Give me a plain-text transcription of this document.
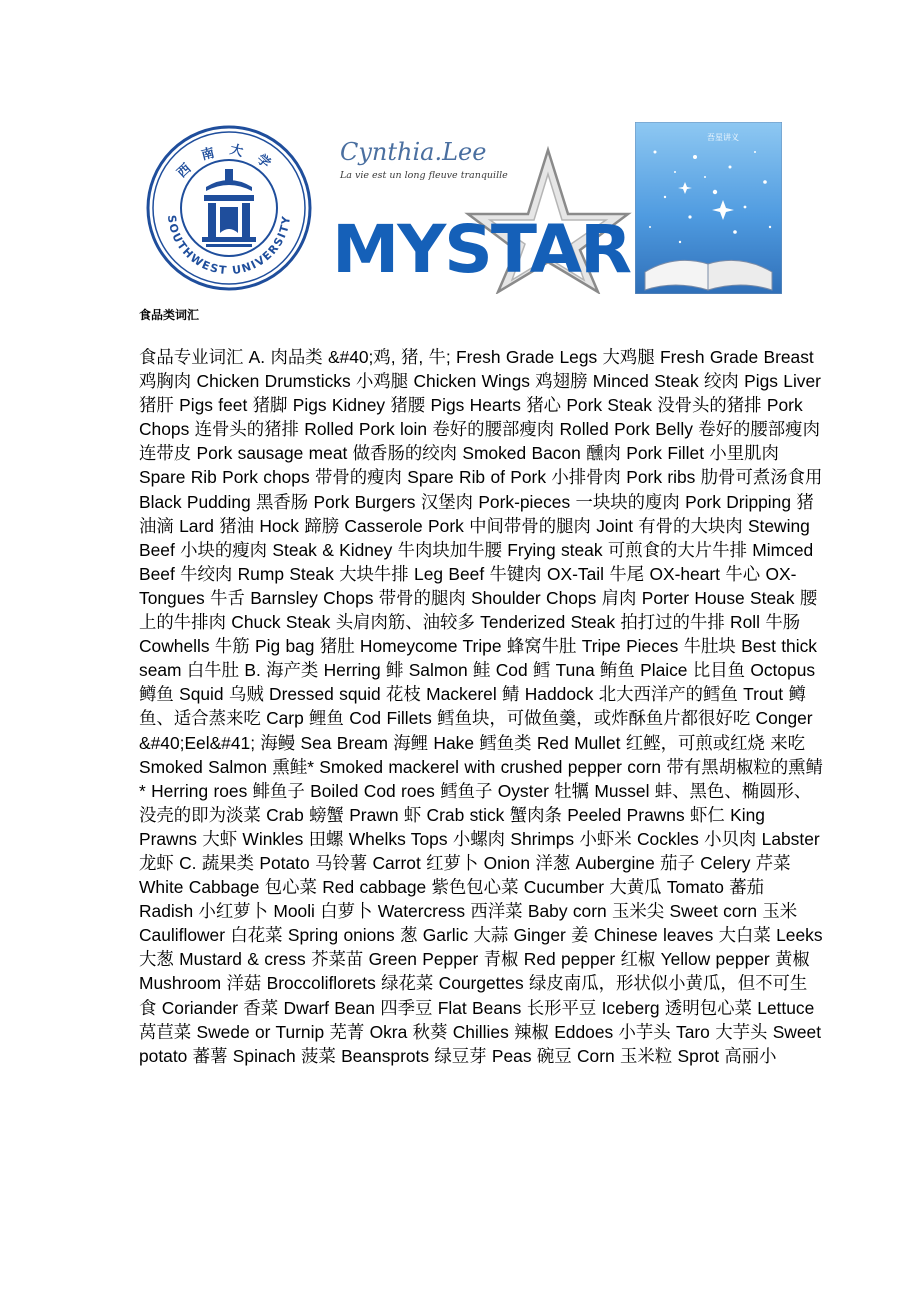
SOUTHWEST UNIVERSITY
西南大学 Cynthia.Lee
La vie est un long fleuve tranquille
MYSTAR
吾星讲义
食品类词汇

食品专业词汇 A. 肉品类 &#40;鸡, 猪, 牛; Fresh Grade Legs 大鸡腿 Fresh Grade Breast 鸡胸肉 Chicken Drumsticks 小鸡腿 Chicken Wings 鸡翅膀 Minced Steak 绞肉 Pigs Liver 猪肝 Pigs feet 猪脚 Pigs Kidney 猪腰 Pigs Hearts 猪心 Pork Steak 没骨头的猪排 Pork Chops 连骨头的猪排 Rolled Pork loin 卷好的腰部瘦肉 Rolled Pork Belly 卷好的腰部瘦肉连带皮 Pork sausage meat 做香肠的绞肉 Smoked Bacon 醺肉 Pork Fillet 小里肌肉 Spare Rib Pork chops 带骨的瘦肉 Spare Rib of Pork 小排骨肉 Pork ribs 肋骨可煮汤食用 Black Pudding 黑香肠 Pork Burgers 汉堡肉 Pork-pieces 一块块的廋肉 Pork Dripping 猪油滴 Lard 猪油 Hock 蹄膀 Casserole Pork 中间带骨的腿肉 Joint 有骨的大块肉 Stewing Beef 小块的瘦肉 Steak & Kidney 牛肉块加牛腰 Frying steak 可煎食的大片牛排 Mimced Beef 牛绞肉 Rump Steak 大块牛排 Leg Beef 牛键肉 OX-Tail 牛尾 OX-heart 牛心 OX-Tongues 牛舌 Barnsley Chops 带骨的腿肉 Shoulder Chops 肩肉 Porter House Steak 腰上的牛排肉 Chuck Steak 头肩肉筋、油较多 Tenderized Steak 拍打过的牛排 Roll 牛肠 Cowhells 牛筋 Pig bag 猪肚 Homeycome Tripe 蜂窝牛肚 Tripe Pieces 牛肚块 Best thick seam 白牛肚 B. 海产类 Herring 鲱 Salmon 鲑 Cod 鳕 Tuna 鲔鱼 Plaice 比目鱼 Octopus 鳟鱼 Squid 乌贼 Dressed squid 花枝 Mackerel 鲭 Haddock 北大西洋产的鳕鱼 Trout 鳟鱼、适合蒸来吃 Carp 鲤鱼 Cod Fillets 鳕鱼块，可做鱼羹，或炸酥鱼片都很好吃 Conger &#40;Eel&#41; 海鳗 Sea Bream 海鲤 Hake 鳕鱼类 Red Mullet 红鲣，可煎或红烧 来吃 Smoked Salmon 熏鲑* Smoked mackerel with crushed pepper corn 带有黑胡椒粒的熏鲭* Herring roes 鲱鱼子 Boiled Cod roes 鳕鱼子 Oyster 牡犡 Mussel 蚌、黑色、椭圆形、没壳的即为淡菜 Crab 螃蟹 Prawn 虾 Crab stick 蟹肉条 Peeled Prawns 虾仁 King Prawns 大虾 Winkles 田螺 Whelks Tops 小螺肉 Shrimps 小虾米 Cockles 小贝肉 Labster 龙虾 C. 蔬果类 Potato 马铃薯 Carrot 红萝卜 Onion 洋葱 Aubergine 茄子 Celery 芹菜 White Cabbage 包心菜 Red cabbage 紫色包心菜 Cucumber 大黄瓜 Tomato 蕃茄 Radish 小红萝卜 Mooli 白萝卜 Watercress 西洋菜 Baby corn 玉米尖 Sweet corn 玉米 Cauliflower 白花菜 Spring onions 葱 Garlic 大蒜 Ginger 姜 Chinese leaves 大白菜 Leeks 大葱 Mustard & cress 芥菜苗 Green Pepper 青椒 Red pepper 红椒 Yellow pepper 黄椒 Mushroom 洋菇 Broccoliflorets 绿花菜 Courgettes 绿皮南瓜，形状似小黄瓜，但不可生食 Coriander 香菜 Dwarf Bean 四季豆 Flat Beans 长形平豆 Iceberg 透明包心菜 Lettuce 莴苣菜 Swede or Turnip 芜菁 Okra 秋葵 Chillies 辣椒 Eddoes 小芋头 Taro 大芋头 Sweet potato 蕃薯 Spinach 菠菜 Beansprots 绿豆芽 Peas 碗豆 Corn 玉米粒 Sprot 高丽小
